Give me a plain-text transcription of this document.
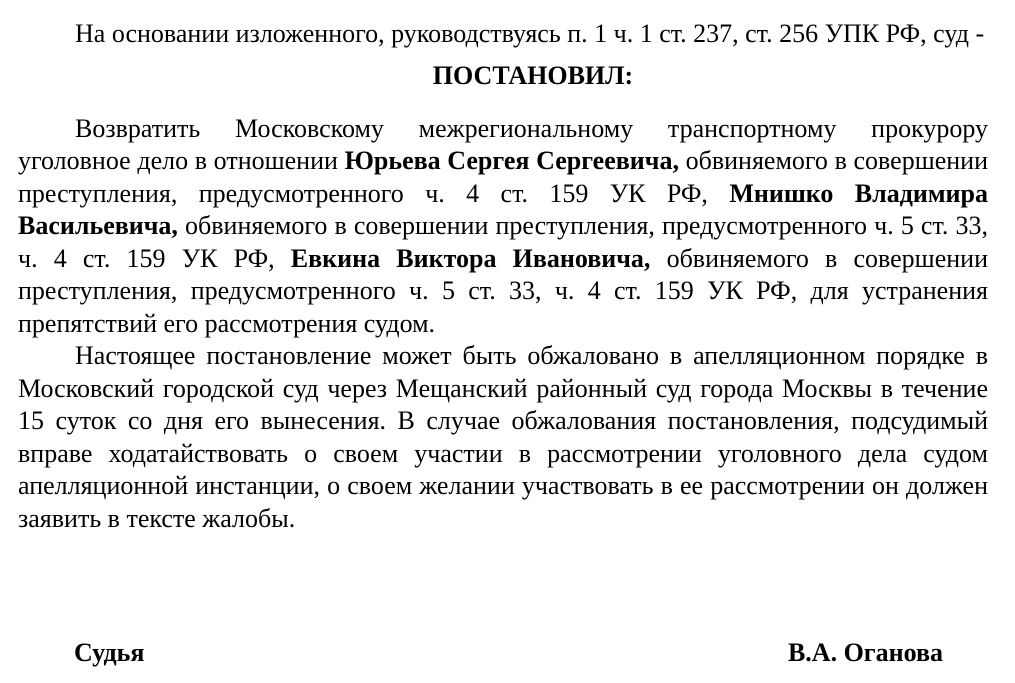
На основании изложенного, руководствуясь п. 1 ч. 1 ст. 237, ст. 256 УПК РФ, суд -

ПОСТАНОВИЛ:

Возвратить Московскому межрегиональному транспортному прокурору уголовное дело в отношении Юрьева Сергея Сергеевича, обвиняемого в совершении преступления, предусмотренного ч. 4 ст. 159 УК РФ, Мнишко Владимира Васильевича, обвиняемого в совершении преступления, предусмотренного ч. 5 ст. 33, ч. 4 ст. 159 УК РФ, Евкина Виктора Ивановича, обвиняемого в совершении преступления, предусмотренного ч. 5 ст. 33, ч. 4 ст. 159 УК РФ, для устранения препятствий его рассмотрения судом.

Настоящее постановление может быть обжаловано в апелляционном порядке в Московский городской суд через Мещанский районный суд города Москвы в течение 15 суток со дня его вынесения. В случае обжалования постановления, подсудимый вправе ходатайствовать о своем участии в рассмотрении уголовного дела судом апелляционной инстанции, о своем желании участвовать в ее рассмотрении он должен заявить в тексте жалобы.

Судья	В.А. Оганова
